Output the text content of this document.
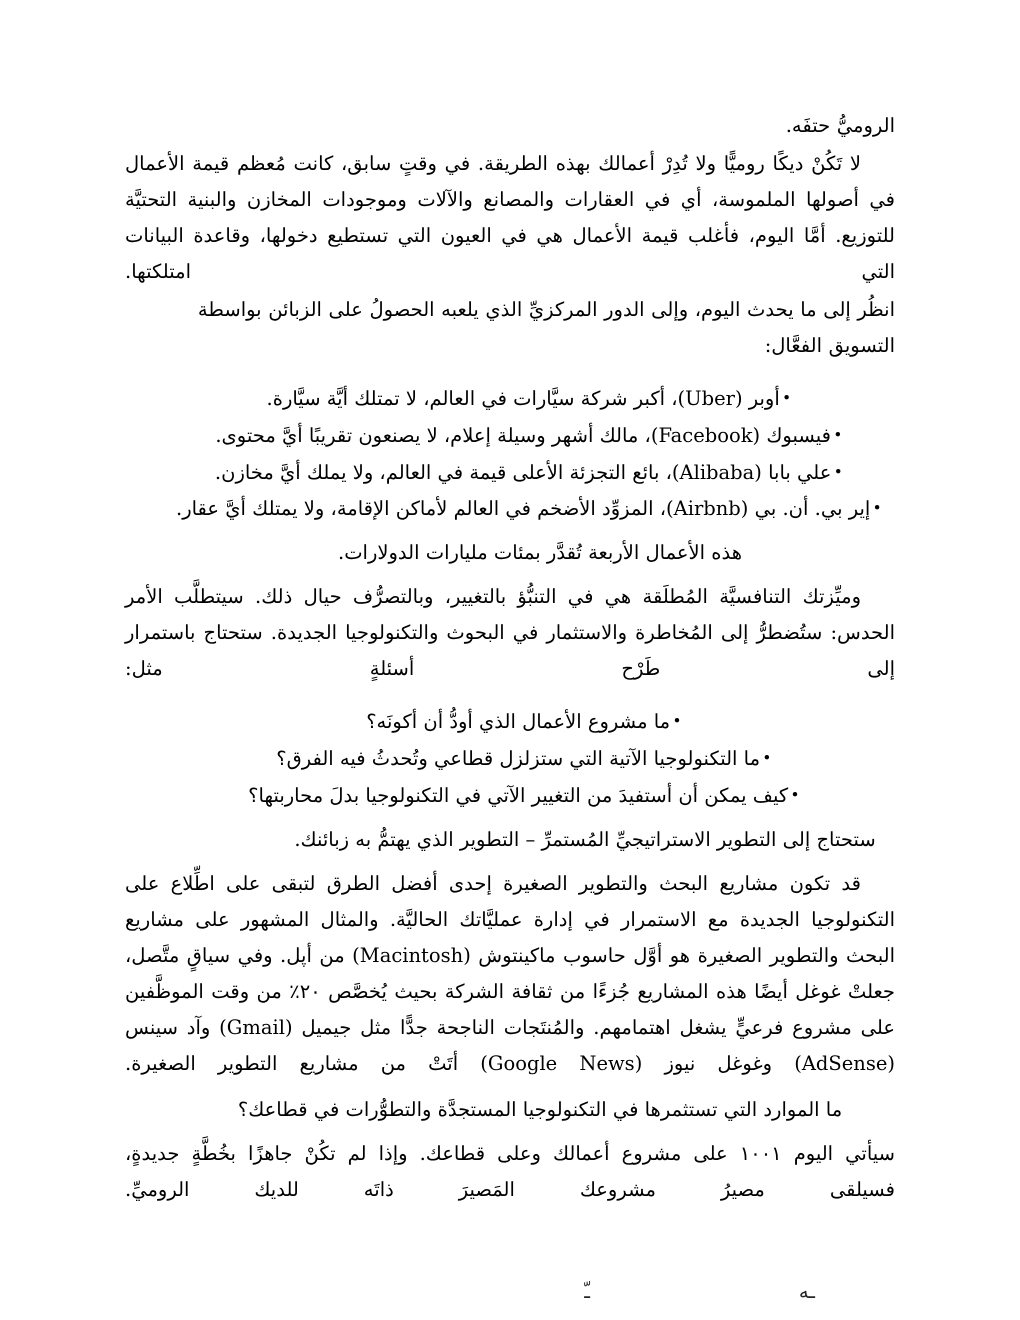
الروميُّ حتفَه.

لا تَكُنْ ديكًا روميًّا ولا تُدِرْ أعمالك بهذه الطريقة. في وقتٍ سابق، كانت مُعظم قيمة الأعمال في أصولها الملموسة، أي في العقارات والمصانع والآلات وموجودات المخازن والبنية التحتيَّة للتوزيع. أمَّا اليوم، فأغلب قيمة الأعمال هي في العيون التي تستطيع دخولها، وقاعدة البيانات التي امتلكتها.

انظُر إلى ما يحدث اليوم، وإلى الدور المركزيِّ الذي يلعبه الحصولُ على الزبائن بواسطة التسويق الفعَّال:

•أوبر (Uber)، أكبر شركة سيَّارات في العالم، لا تمتلك أيَّة سيَّارة.
•فيسبوك (Facebook)، مالك أشهر وسيلة إعلام، لا يصنعون تقريبًا أيَّ محتوى.
•علي بابا (Alibaba)، بائع التجزئة الأعلى قيمة في العالم، ولا يملك أيَّ مخازن.
•إير بي. أن. بي (Airbnb)، المزوِّد الأضخم في العالم لأماكن الإقامة، ولا يمتلك أيَّ عقار.

هذه الأعمال الأربعة تُقدَّر بمئات مليارات الدولارات.

وميِّزتك التنافسيَّة المُطلَقة هي في التنبُّؤ بالتغيير، وبالتصرُّف حيال ذلك. سيتطلَّب الأمر الحدس: ستُضطرُّ إلى المُخاطرة والاستثمار في البحوث والتكنولوجيا الجديدة. ستحتاج باستمرار إلى طَرْح أسئلةٍ مثل:

•ما مشروع الأعمال الذي أودُّ أن أكونَه؟
•ما التكنولوجيا الآتية التي ستزلزل قطاعي وتُحدثُ فيه الفرق؟
•كيف يمكن أن أستفيدَ من التغيير الآتي في التكنولوجيا بدلَ محاربتها؟

ستحتاج إلى التطوير الاستراتيجيِّ المُستمرِّ – التطوير الذي يهتمُّ به زبائنك.

قد تكون مشاريع البحث والتطوير الصغيرة إحدى أفضل الطرق لتبقى على اطِّلاع على التكنولوجيا الجديدة مع الاستمرار في إدارة عمليَّاتك الحاليَّة. والمثال المشهور على مشاريع البحث والتطوير الصغيرة هو أوَّل حاسوب ماكينتوش (Macintosh) من أپل. وفي سياقٍ متَّصل، جعلتْ غوغل أيضًا هذه المشاريع جُزءًا من ثقافة الشركة بحيث يُخصَّص ٢٠٪ من وقت الموظَّفين على مشروع فرعيٍّ يشغل اهتمامهم. والمُنتَجات الناجحة جدًّا مثل جيميل (Gmail) وآد سينس (AdSense) وغوغل نيوز (Google News) أتَتْ من مشاريع التطوير الصغيرة.

ما الموارد التي تستثمرها في التكنولوجيا المستجدَّة والتطوُّرات في قطاعك؟

سيأتي اليوم ١٠٠١ على مشروع أعمالك وعلى قطاعك. وإذا لم تكُنْ جاهزًا بخُطَّةٍ جديدةٍ، فسيلقى مصيرُ مشروعك المَصيرَ ذاتَه للديك الروميِّ.

ـه
ـّ
